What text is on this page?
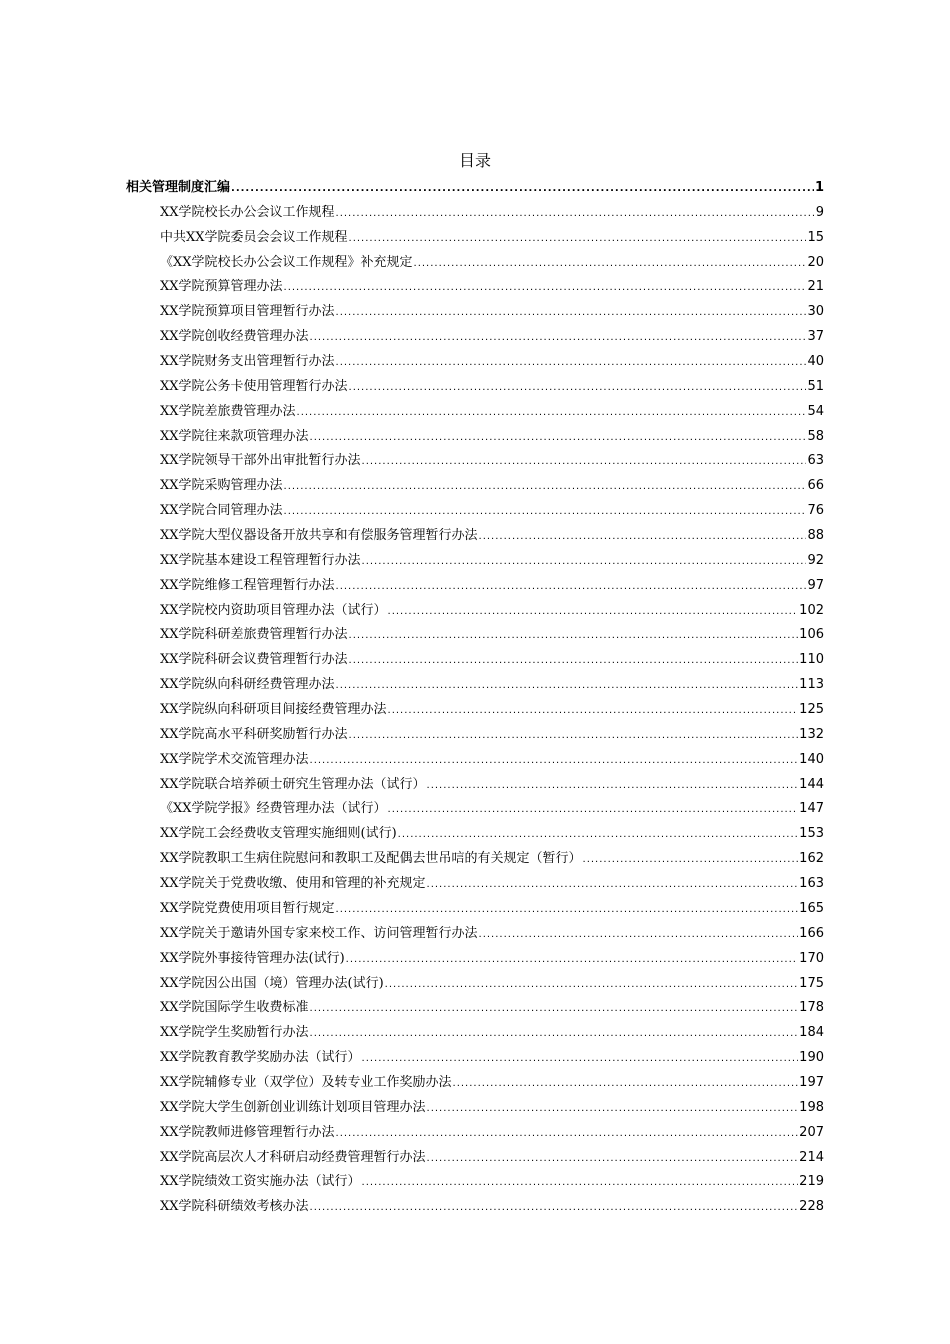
目录
相关管理制度汇编 .....	1
XX学院校长办公会议工作规程 .....	9
中共XX学院委员会会议工作规程 .....	15
《XX学院校长办公会议工作规程》补充规定 .....	20
XX学院预算管理办法 .....	21
XX学院预算项目管理暂行办法 .....	30
XX学院创收经费管理办法 .....	37
XX学院财务支出管理暂行办法 .....	40
XX学院公务卡使用管理暂行办法 .....	51
XX学院差旅费管理办法 .....	54
XX学院往来款项管理办法 .....	58
XX学院领导干部外出审批暂行办法 .....	63
XX学院采购管理办法 .....	66
XX学院合同管理办法 .....	76
XX学院大型仪器设备开放共享和有偿服务管理暂行办法 .....	88
XX学院基本建设工程管理暂行办法 .....	92
XX学院维修工程管理暂行办法 .....	97
XX学院校内资助项目管理办法（试行） .....	102
XX学院科研差旅费管理暂行办法 .....	106
XX学院科研会议费管理暂行办法 .....	110
XX学院纵向科研经费管理办法 .....	113
XX学院纵向科研项目间接经费管理办法 .....	125
XX学院高水平科研奖励暂行办法 .....	132
XX学院学术交流管理办法 .....	140
XX学院联合培养硕士研究生管理办法（试行） .....	144
《XX学院学报》经费管理办法（试行） .....	147
XX学院工会经费收支管理实施细则(试行) .....	153
XX学院教职工生病住院慰问和教职工及配偶去世吊唁的有关规定（暂行） .....	162
XX学院关于党费收缴、使用和管理的补充规定 .....	163
XX学院党费使用项目暂行规定 .....	165
XX学院关于邀请外国专家来校工作、访问管理暂行办法 .....	166
XX学院外事接待管理办法(试行) .....	170
XX学院因公出国（境）管理办法(试行) .....	175
XX学院国际学生收费标准 .....	178
XX学院学生奖励暂行办法 .....	184
XX学院教育教学奖励办法（试行） .....	190
XX学院辅修专业（双学位）及转专业工作奖励办法 .....	197
XX学院大学生创新创业训练计划项目管理办法 .....	198
XX学院教师进修管理暂行办法 .....	207
XX学院高层次人才科研启动经费管理暂行办法 .....	214
XX学院绩效工资实施办法（试行） .....	219
XX学院科研绩效考核办法 .....	228
